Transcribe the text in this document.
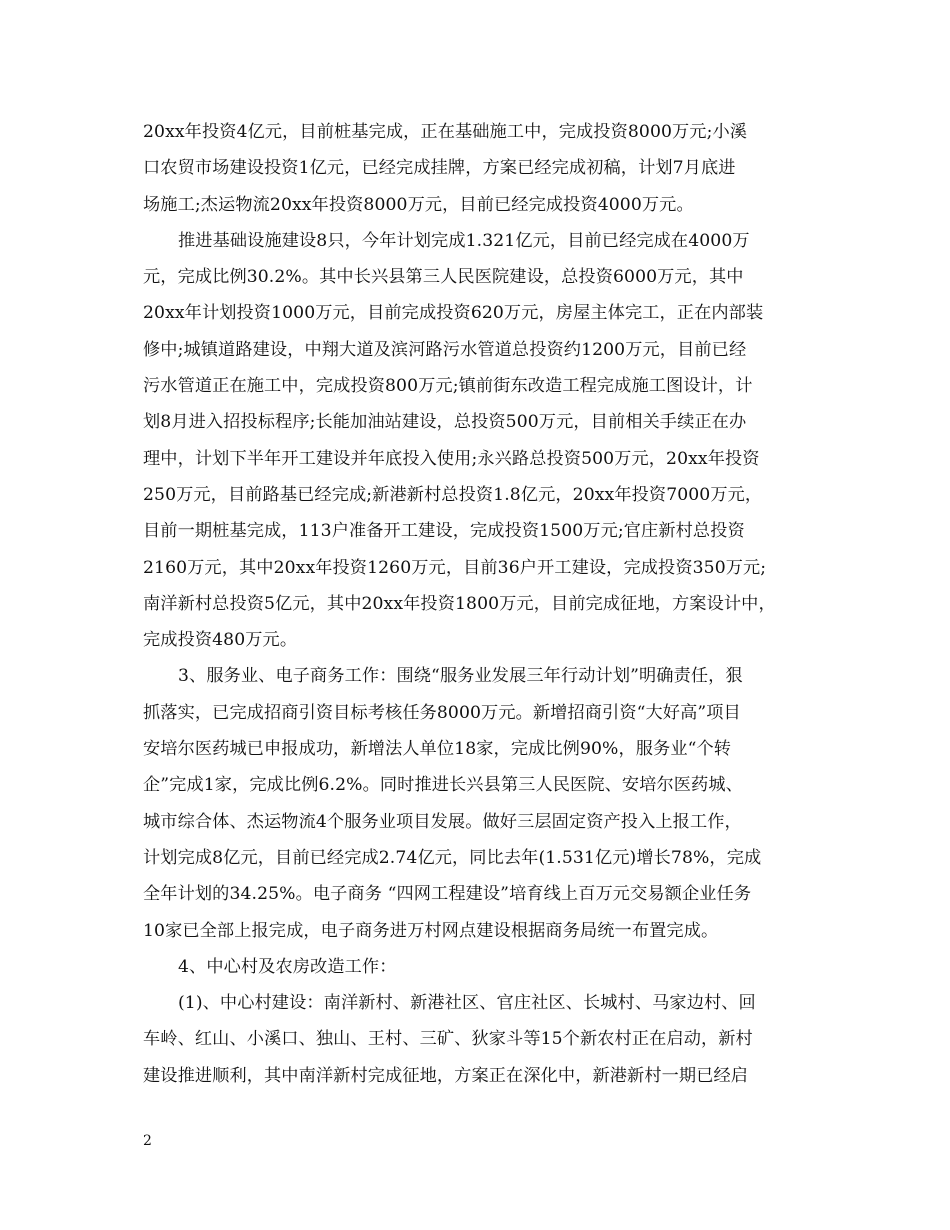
20xx年投资4亿元，目前桩基完成，正在基础施工中，完成投资8000万元;小溪
口农贸市场建设投资1亿元，已经完成挂牌，方案已经完成初稿，计划7月底进
场施工;杰运物流20xx年投资8000万元，目前已经完成投资4000万元。
推进基础设施建设8只，今年计划完成1.321亿元，目前已经完成在4000万
元，完成比例30.2%。其中长兴县第三人民医院建设，总投资6000万元，其中
20xx年计划投资1000万元，目前完成投资620万元，房屋主体完工，正在内部装
修中;城镇道路建设，中翔大道及滨河路污水管道总投资约1200万元，目前已经
污水管道正在施工中，完成投资800万元;镇前街东改造工程完成施工图设计，计
划8月进入招投标程序;长能加油站建设，总投资500万元，目前相关手续正在办
理中，计划下半年开工建设并年底投入使用;永兴路总投资500万元，20xx年投资
250万元，目前路基已经完成;新港新村总投资1.8亿元，20xx年投资7000万元，
目前一期桩基完成，113户准备开工建设，完成投资1500万元;官庄新村总投资
2160万元，其中20xx年投资1260万元，目前36户开工建设，完成投资350万元;
南洋新村总投资5亿元，其中20xx年投资1800万元，目前完成征地，方案设计中，
完成投资480万元。
3、服务业、电子商务工作：围绕“服务业发展三年行动计划”明确责任，狠
抓落实，已完成招商引资目标考核任务8000万元。新增招商引资“大好高”项目
安培尔医药城已申报成功，新增法人单位18家，完成比例90%，服务业“个转
企”完成1家，完成比例6.2%。同时推进长兴县第三人民医院、安培尔医药城、
城市综合体、杰运物流4个服务业项目发展。做好三层固定资产投入上报工作，
计划完成8亿元，目前已经完成2.74亿元，同比去年(1.531亿元)增长78%，完成
全年计划的34.25%。电子商务 “四网工程建设”培育线上百万元交易额企业任务
10家已全部上报完成，电子商务进万村网点建设根据商务局统一布置完成。
4、中心村及农房改造工作：
(1)、中心村建设：南洋新村、新港社区、官庄社区、长城村、马家边村、回
车岭、红山、小溪口、独山、王村、三矿、狄家斗等15个新农村正在启动，新村
建设推进顺利，其中南洋新村完成征地，方案正在深化中，新港新村一期已经启
2
